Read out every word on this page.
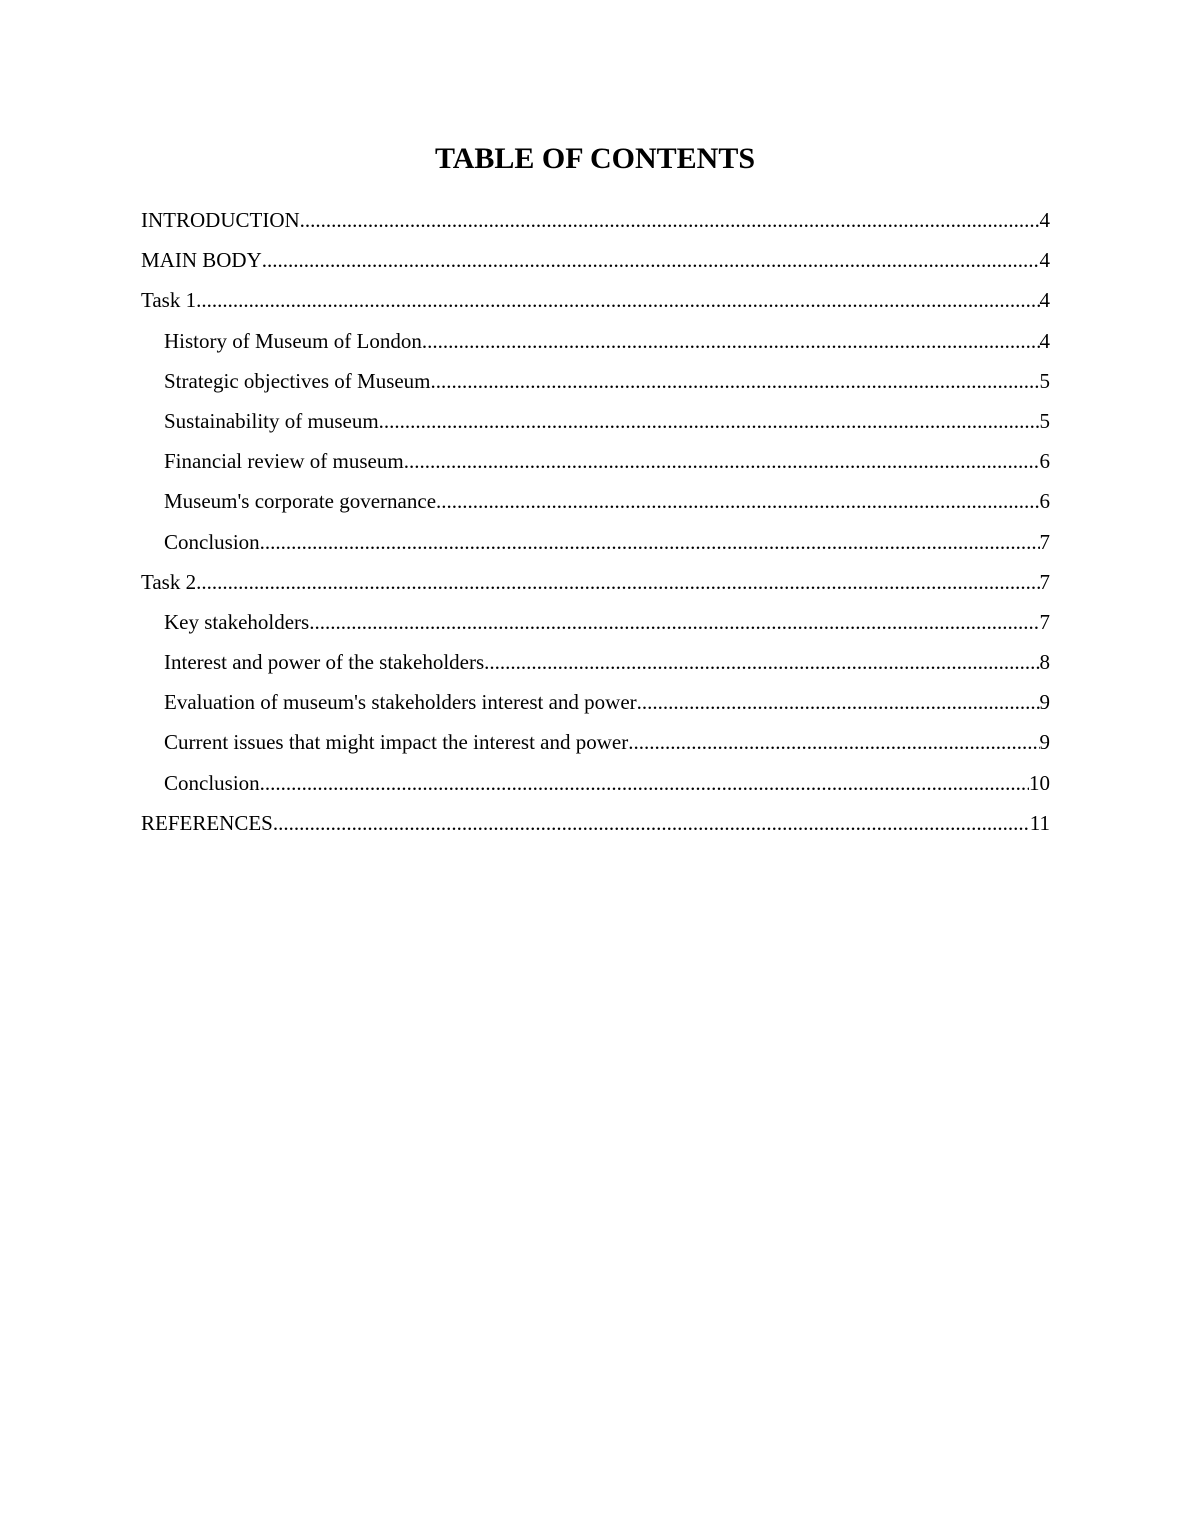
TABLE OF CONTENTS
INTRODUCTION .....	4
MAIN BODY .....	4
Task 1 .....	4
History of Museum of London .....	4
Strategic objectives of Museum .....	5
Sustainability of museum .....	5
Financial review of museum .....	6
Museum's corporate governance .....	6
Conclusion .....	7
Task 2 .....	7
Key stakeholders .....	7
Interest and power of the stakeholders .....	8
Evaluation of museum's stakeholders interest and power .....	9
Current issues that might impact the interest and power .....	9
Conclusion .....	10
REFERENCES .....	11
